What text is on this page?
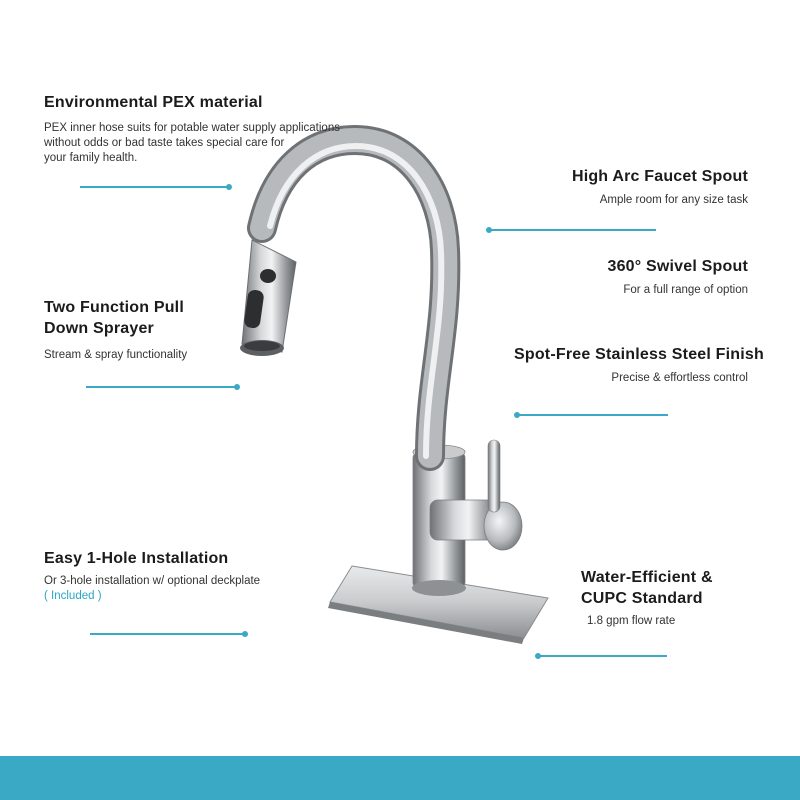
Environmental PEX material
PEX inner hose suits for potable water supply applications
without odds or bad taste takes special care for
your family health.
High Arc Faucet Spout
Ample room for any size task
360° Swivel Spout
For a full range of option
Two Function Pull
Down Sprayer
Stream & spray functionality	Spot-Free Stainless Steel Finish
Precise & effortless control
Easy 1-Hole Installation
Or 3-hole installation w/ optional deckplate
( Included )
Water-Efficient &
CUPC Standard
1.8 gpm flow rate
